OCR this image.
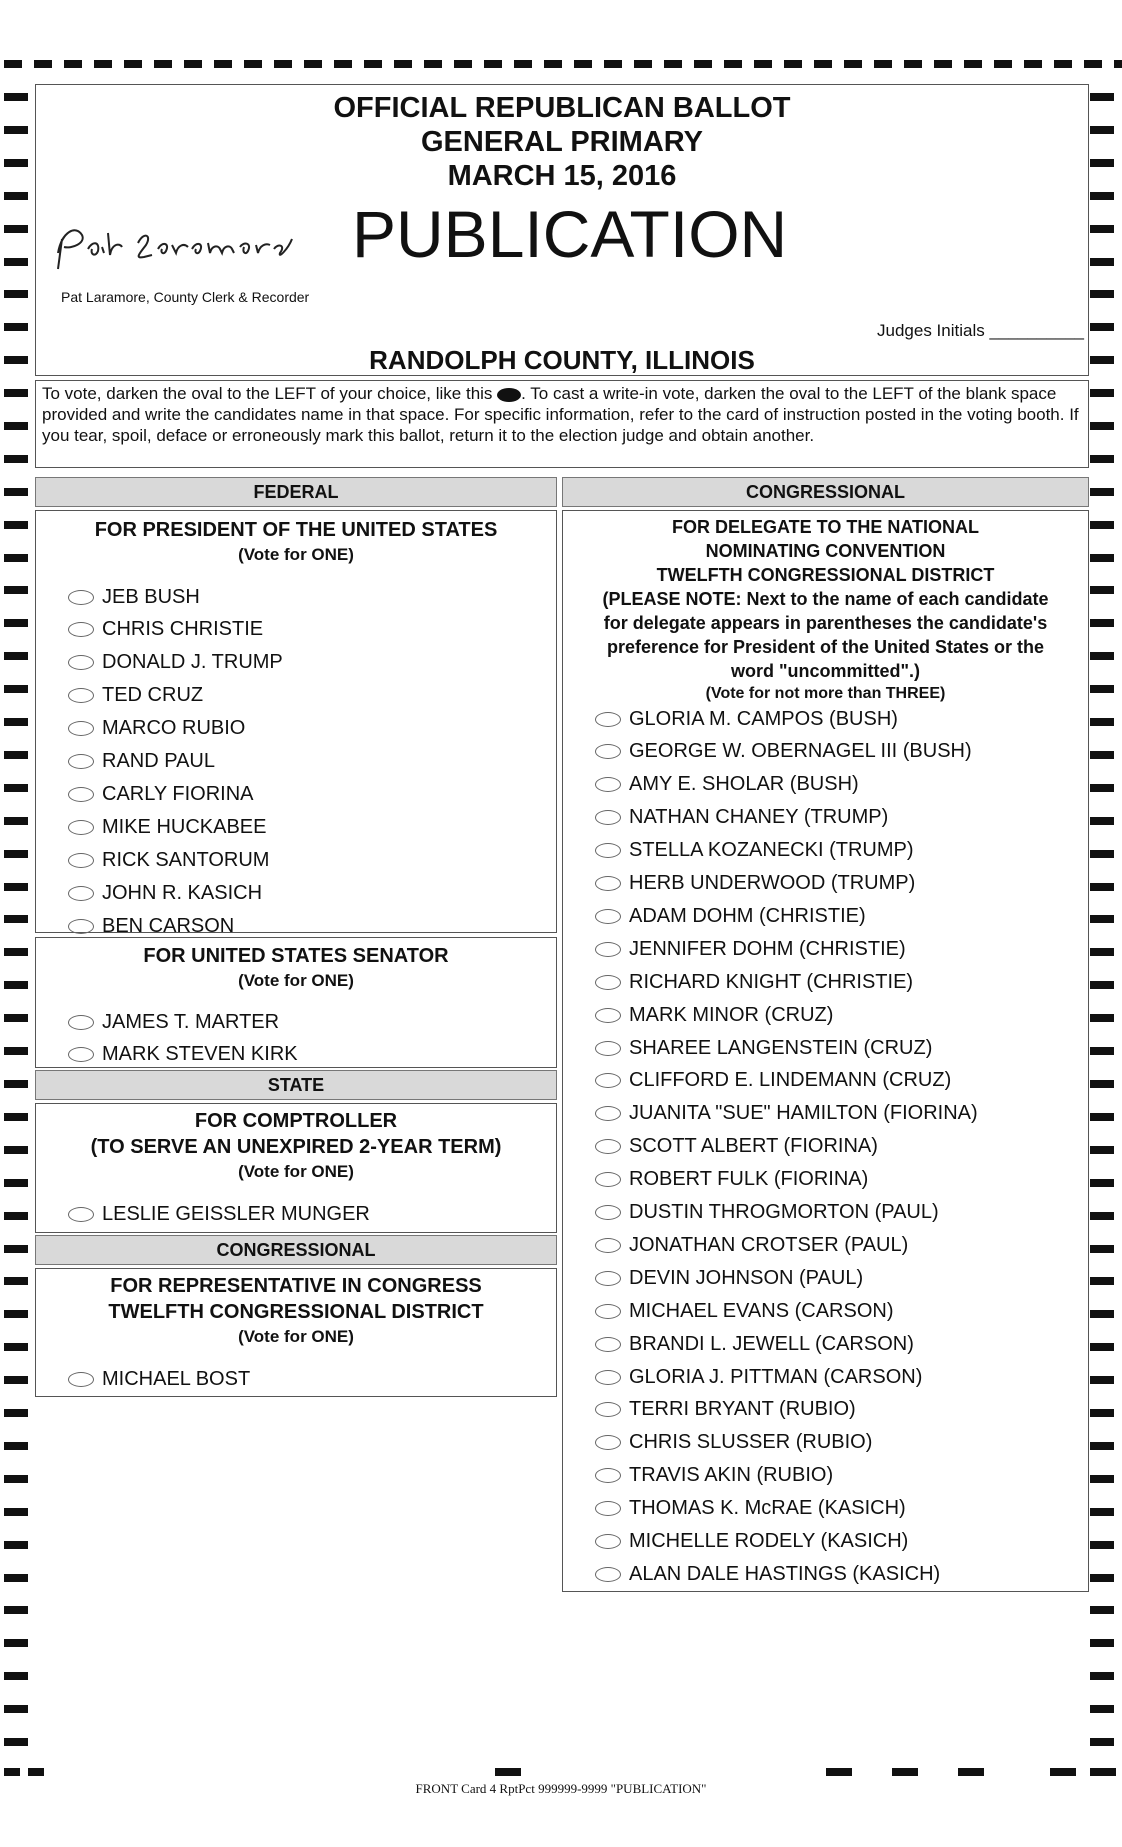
OFFICIAL REPUBLICAN BALLOT
GENERAL PRIMARY
MARCH 15, 2016
PUBLICATION
Pat Laramore, County Clerk & Recorder
Judges Initials __________
RANDOLPH COUNTY, ILLINOIS
To vote, darken the oval to the LEFT of your choice, like this . To cast a write-in vote, darken the oval to the LEFT of the blank space provided and write the candidates name in that space. For specific information, refer to the card of instruction posted in the voting booth. If you tear, spoil, deface or erroneously mark this ballot, return it to the election judge and obtain another.
FEDERAL
FOR PRESIDENT OF THE UNITED STATES
(Vote for ONE)
JEB BUSH
CHRIS CHRISTIE
DONALD J. TRUMP
TED CRUZ
MARCO RUBIO
RAND PAUL
CARLY FIORINA
MIKE HUCKABEE
RICK SANTORUM
JOHN R. KASICH
BEN CARSON
FOR UNITED STATES SENATOR
(Vote for ONE)
JAMES T. MARTER
MARK STEVEN KIRK
STATE
FOR COMPTROLLER
(TO SERVE AN UNEXPIRED 2-YEAR TERM)
(Vote for ONE)
LESLIE GEISSLER MUNGER
CONGRESSIONAL
FOR REPRESENTATIVE IN CONGRESS
TWELFTH CONGRESSIONAL DISTRICT
(Vote for ONE)
MICHAEL BOST
CONGRESSIONAL
FOR DELEGATE TO THE NATIONAL
NOMINATING CONVENTION
TWELFTH CONGRESSIONAL DISTRICT
(PLEASE NOTE: Next to the name of each candidate
for delegate appears in parentheses the candidate's
preference for President of the United States or the
word "uncommitted".)
(Vote for not more than THREE)
GLORIA M. CAMPOS (BUSH)
GEORGE W. OBERNAGEL III (BUSH)
AMY E. SHOLAR (BUSH)
NATHAN CHANEY (TRUMP)
STELLA KOZANECKI (TRUMP)
HERB UNDERWOOD (TRUMP)
ADAM DOHM (CHRISTIE)
JENNIFER DOHM (CHRISTIE)
RICHARD KNIGHT (CHRISTIE)
MARK MINOR (CRUZ)
SHAREE LANGENSTEIN (CRUZ)
CLIFFORD E. LINDEMANN (CRUZ)
JUANITA "SUE" HAMILTON (FIORINA)
SCOTT ALBERT (FIORINA)
ROBERT FULK (FIORINA)
DUSTIN THROGMORTON (PAUL)
JONATHAN CROTSER (PAUL)
DEVIN JOHNSON (PAUL)
MICHAEL EVANS (CARSON)
BRANDI L. JEWELL (CARSON)
GLORIA J. PITTMAN (CARSON)
TERRI BRYANT (RUBIO)
CHRIS SLUSSER (RUBIO)
TRAVIS AKIN (RUBIO)
THOMAS K. McRAE (KASICH)
MICHELLE RODELY (KASICH)
ALAN DALE HASTINGS (KASICH)
FRONT Card 4 RptPct 999999-9999 "PUBLICATION"
